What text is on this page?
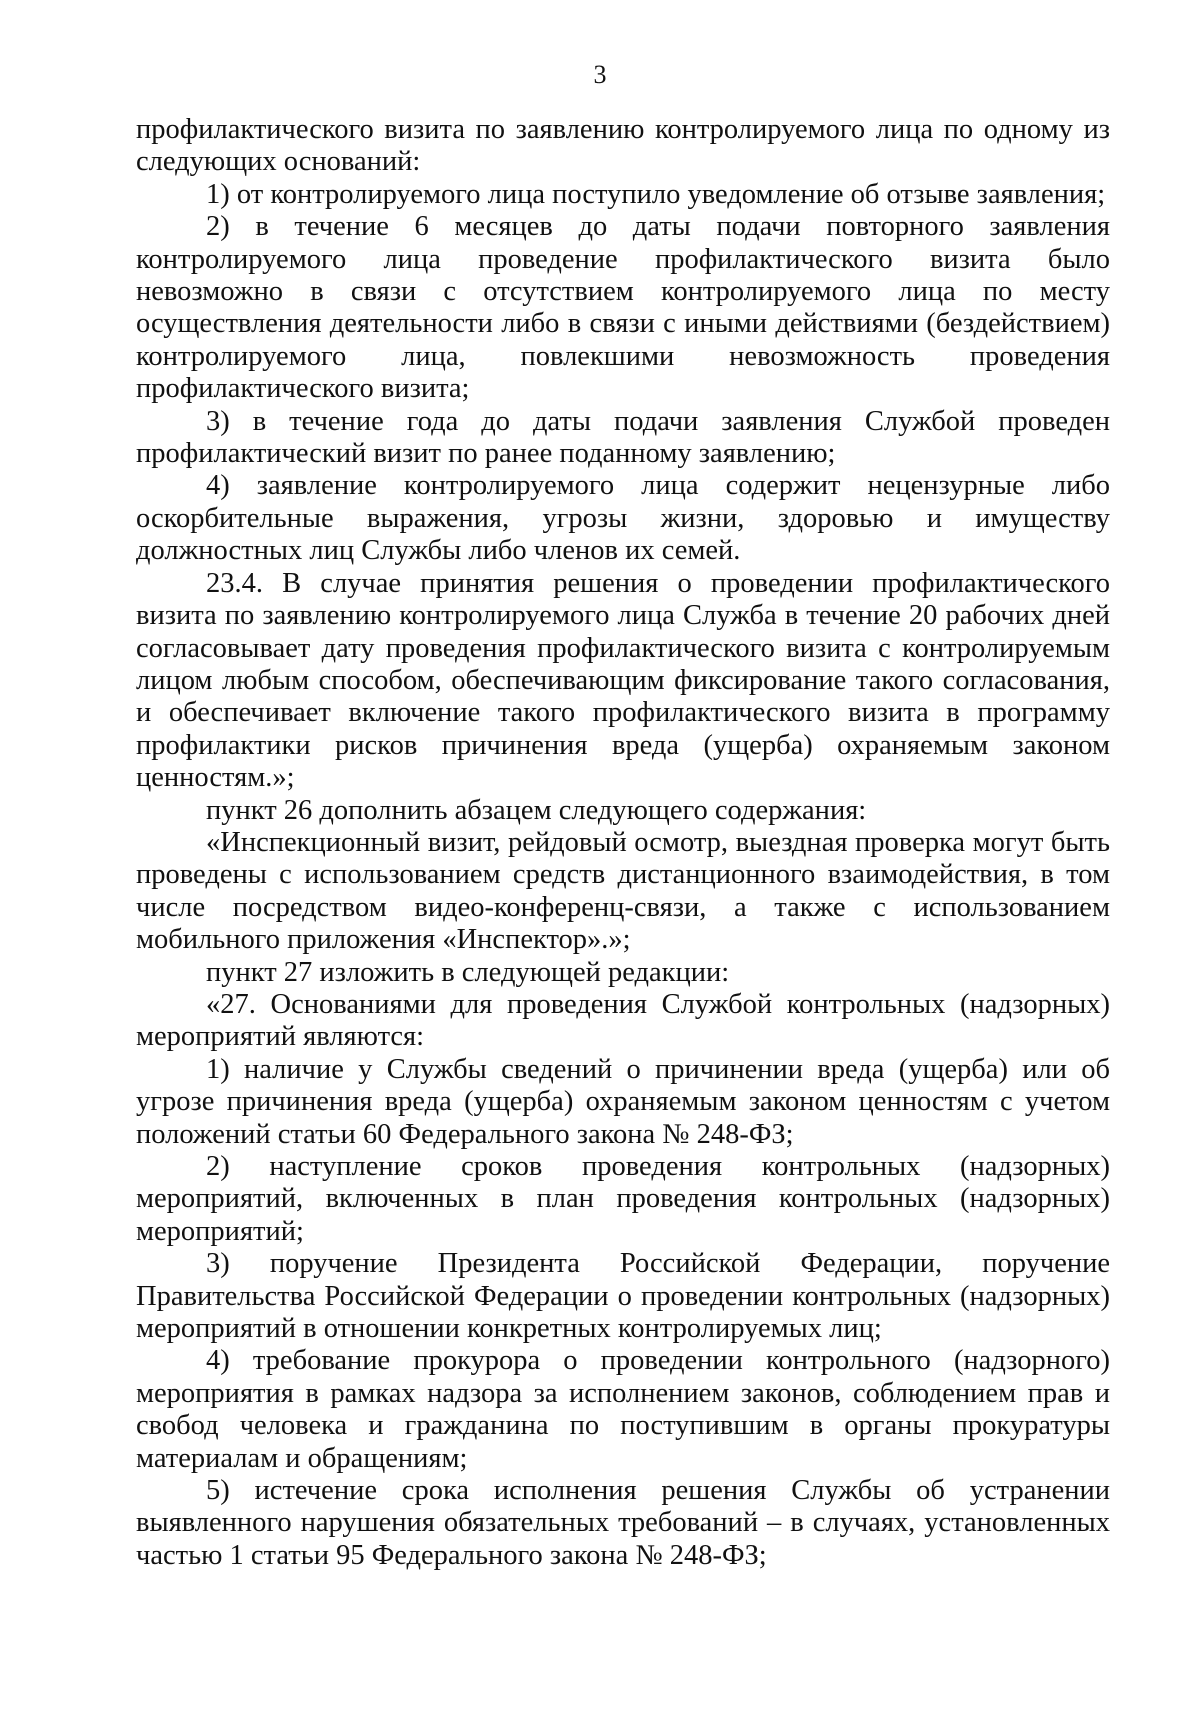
3

профилактического визита по заявлению контролируемого лица по одному из следующих оснований:

1) от контролируемого лица поступило уведомление об отзыве заявления;

2) в течение 6 месяцев до даты подачи повторного заявления контролируемого лица проведение профилактического визита было невозможно в связи с отсутствием контролируемого лица по месту осуществления деятельности либо в связи с иными действиями (бездействием) контролируемого лица, повлекшими невозможность проведения профилактического визита;

3) в течение года до даты подачи заявления Службой проведен профилактический визит по ранее поданному заявлению;

4) заявление контролируемого лица содержит нецензурные либо оскорбительные выражения, угрозы жизни, здоровью и имуществу должностных лиц Службы либо членов их семей.

23.4. В случае принятия решения о проведении профилактического визита по заявлению контролируемого лица Служба в течение 20 рабочих дней согласовывает дату проведения профилактического визита с контролируемым лицом любым способом, обеспечивающим фиксирование такого согласования, и обеспечивает включение такого профилактического визита в программу профилактики рисков причинения вреда (ущерба) охраняемым законом ценностям.»;

пункт 26 дополнить абзацем следующего содержания:

«Инспекционный визит, рейдовый осмотр, выездная проверка могут быть проведены с использованием средств дистанционного взаимодействия, в том числе посредством видео-конференц-связи, а также с использованием мобильного приложения «Инспектор».»;

пункт 27 изложить в следующей редакции:

«27. Основаниями для проведения Службой контрольных (надзорных) мероприятий являются:

1) наличие у Службы сведений о причинении вреда (ущерба) или об угрозе причинения вреда (ущерба) охраняемым законом ценностям с учетом положений статьи 60 Федерального закона № 248-ФЗ;

2) наступление сроков проведения контрольных (надзорных) мероприятий, включенных в план проведения контрольных (надзорных) мероприятий;

3) поручение Президента Российской Федерации, поручение Правительства Российской Федерации о проведении контрольных (надзорных) мероприятий в отношении конкретных контролируемых лиц;

4) требование прокурора о проведении контрольного (надзорного) мероприятия в рамках надзора за исполнением законов, соблюдением прав и свобод человека и гражданина по поступившим в органы прокуратуры материалам и обращениям;

5) истечение срока исполнения решения Службы об устранении выявленного нарушения обязательных требований – в случаях, установленных частью 1 статьи 95 Федерального закона № 248-ФЗ;
